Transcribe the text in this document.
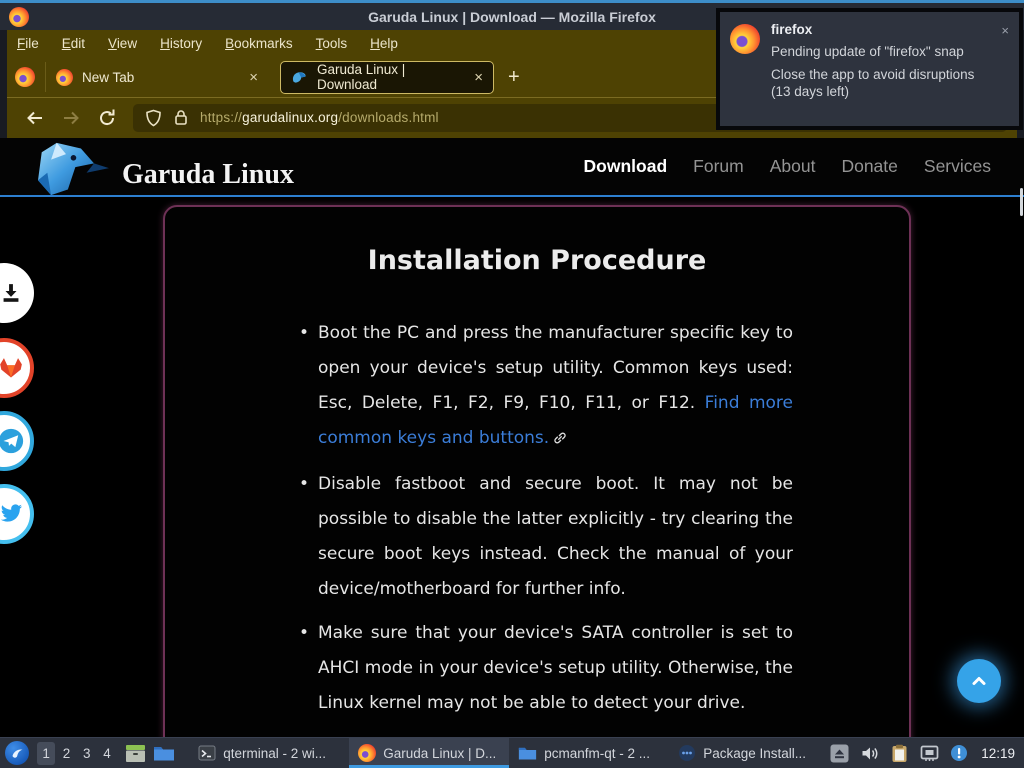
Garuda Linux | Download — Mozilla Firefox
File Edit View History Bookmarks Tools Help
New Tab	×	Garuda Linux | Download	× +
https://garudalinux.org/downloads.html
Garuda Linux	Download Forum About Donate Services
Installation Procedure
• Boot the PC and press the manufacturer specific key to open your device's setup utility. Common keys used: Esc, Delete, F1, F2, F9, F10, F11, or F12. Find more common keys and buttons.
• Disable fastboot and secure boot. It may not be possible to disable the latter explicitly - try clearing the secure boot keys instead. Check the manual of your device/motherboard for further info.
• Make sure that your device's SATA controller is set to AHCI mode in your device's setup utility. Otherwise, the Linux kernel may not be able to detect your drive.
firefox
Pending update of "firefox" snap
Close the app to avoid disruptions (13 days left)
×
1 2 3 4	qterminal - 2 wi...	Garuda Linux | D...	pcmanfm-qt - 2 ...	Package Install...	12:19
